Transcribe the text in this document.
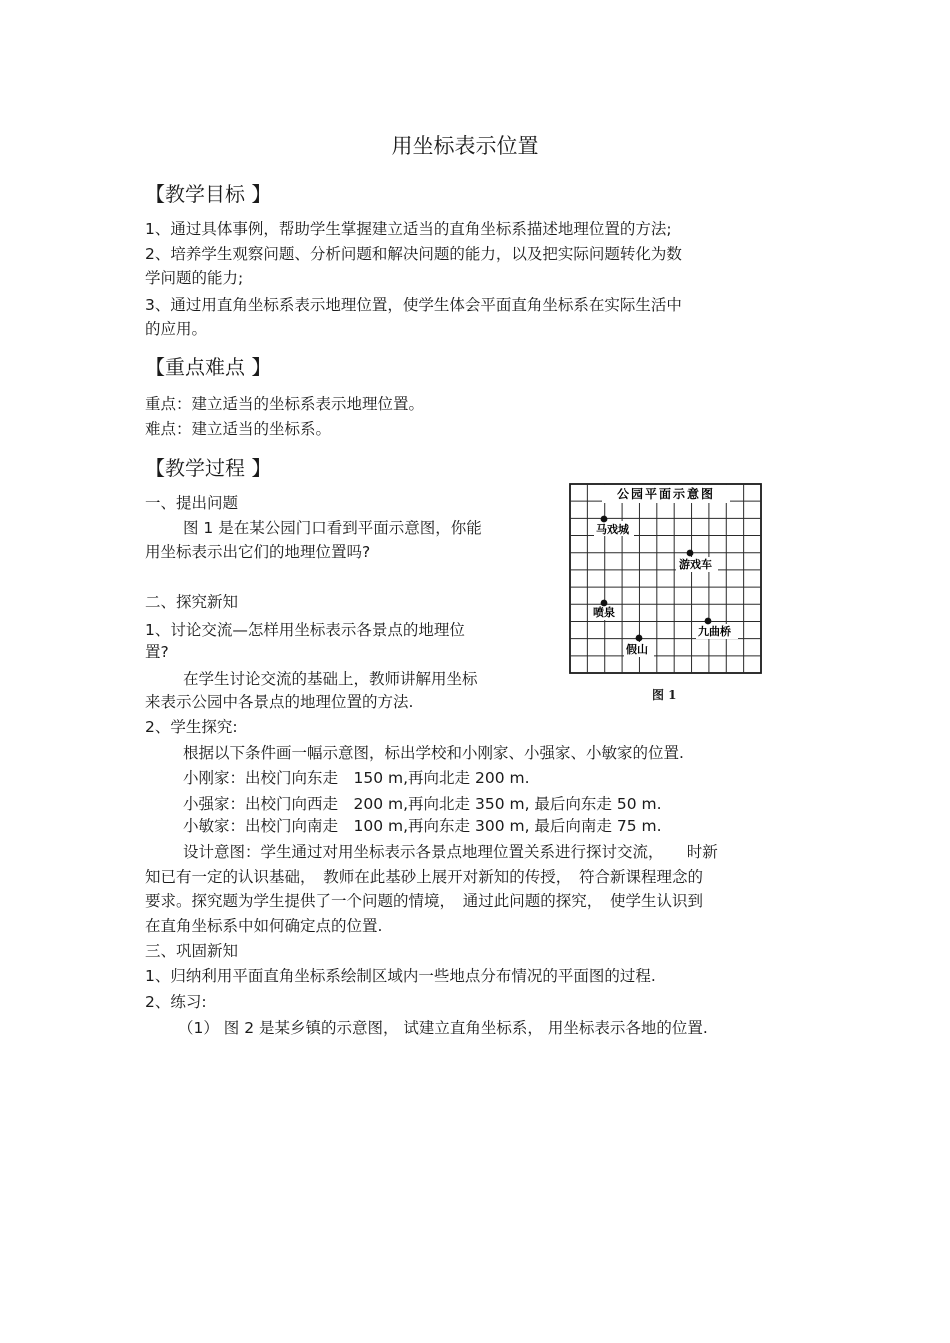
用坐标表示位置
【教学目标 】
1、通过具体事例，帮助学生掌握建立适当的直角坐标系描述地理位置的方法;
2、培养学生观察问题、分析问题和解决问题的能力，以及把实际问题转化为数
学问题的能力;
3、通过用直角坐标系表示地理位置，使学生体会平面直角坐标系在实际生活中
的应用。
【重点难点 】
重点：建立适当的坐标系表示地理位置。
难点：建立适当的坐标系。
【教学过程 】
一、提出问题
图 1 是在某公园门口看到平面示意图，你能
用坐标表示出它们的地理位置吗?
二、探究新知
1、讨论交流—怎样用坐标表示各景点的地理位
置?
在学生讨论交流的基础上，教师讲解用坐标
来表示公园中各景点的地理位置的方法.
2、学生探究:
根据以下条件画一幅示意图，标出学校和小刚家、小强家、小敏家的位置.
小刚家：出校门向东走　150 m,再向北走 200 m.
小强家：出校门向西走　200 m,再向北走 350 m, 最后向东走 50 m.
小敏家：出校门向南走　100 m,再向东走 300 m, 最后向南走 75 m.
设计意图：学生通过对用坐标表示各景点地理位置关系进行探讨交流，　　时新
知已有一定的认识基础，　教师在此基砂上展开对新知的传授，　符合新课程理念的
要求。探究题为学生提供了一个问题的情境，　通过此问题的探究，　使学生认识到
在直角坐标系中如何确定点的位置.
三、巩固新知
1、归纳利用平面直角坐标系绘制区域内一些地点分布情况的平面图的过程.
2、练习:
（1） 图 2 是某乡镇的示意图， 试建立直角坐标系， 用坐标表示各地的位置.
公园平面示意图
马戏城
游戏车
喷泉
九曲桥
假山
图 1
